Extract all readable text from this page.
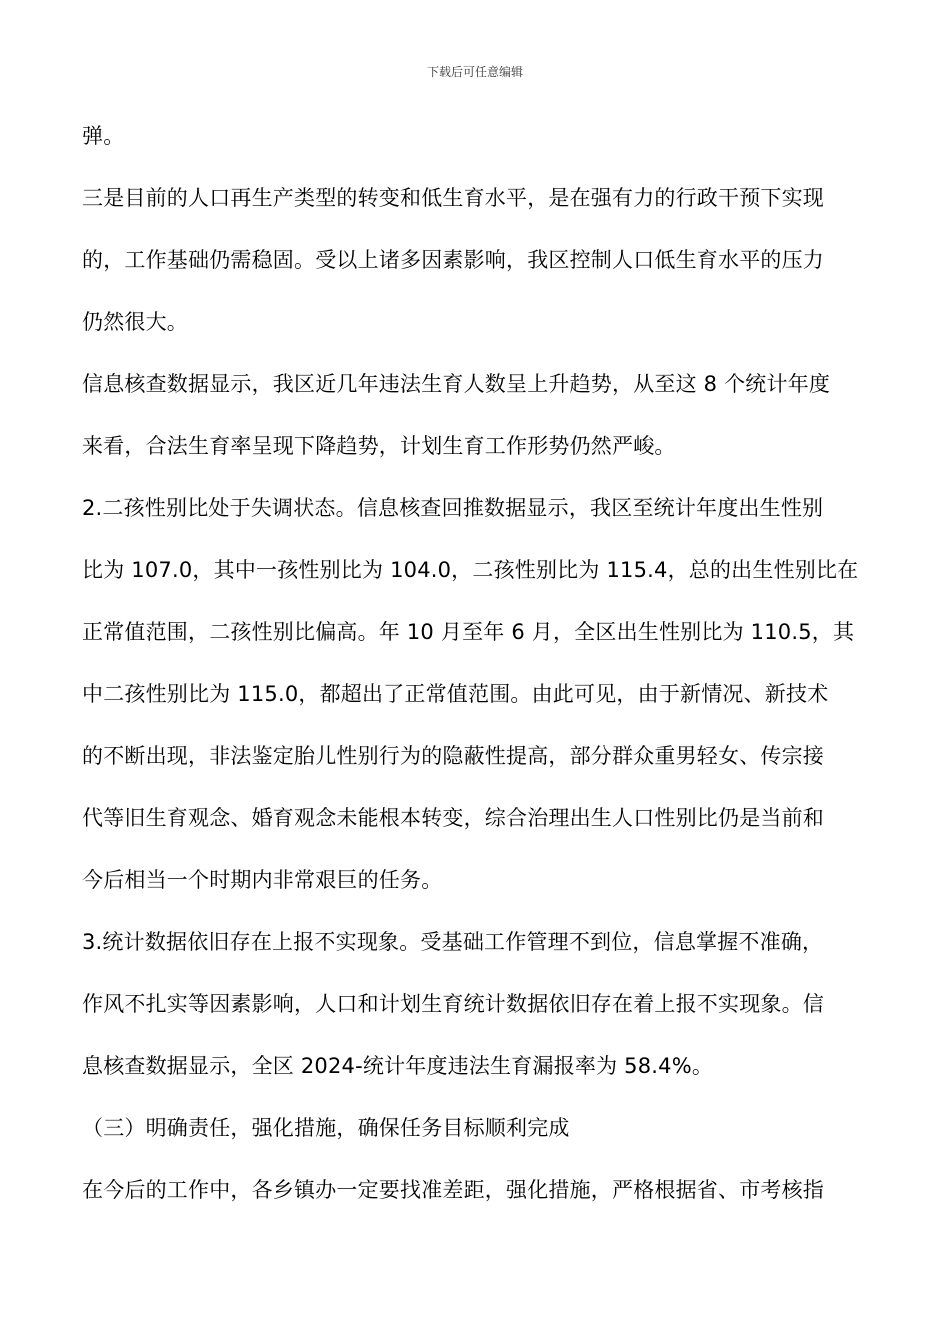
下载后可任意编辑
弹。
三是目前的人口再生产类型的转变和低生育水平，是在强有力的行政干预下实现
的，工作基础仍需稳固。受以上诸多因素影响，我区控制人口低生育水平的压力
仍然很大。
信息核查数据显示，我区近几年违法生育人数呈上升趋势，从至这 8 个统计年度
来看，合法生育率呈现下降趋势，计划生育工作形势仍然严峻。
2.二孩性别比处于失调状态。信息核查回推数据显示，我区至统计年度出生性别
比为 107.0，其中一孩性别比为 104.0，二孩性别比为 115.4，总的出生性别比在
正常值范围，二孩性别比偏高。年 10 月至年 6 月，全区出生性别比为 110.5，其
中二孩性别比为 115.0，都超出了正常值范围。由此可见，由于新情况、新技术
的不断出现，非法鉴定胎儿性别行为的隐蔽性提高，部分群众重男轻女、传宗接
代等旧生育观念、婚育观念未能根本转变，综合治理出生人口性别比仍是当前和
今后相当一个时期内非常艰巨的任务。
3.统计数据依旧存在上报不实现象。受基础工作管理不到位，信息掌握不准确，
作风不扎实等因素影响，人口和计划生育统计数据依旧存在着上报不实现象。信
息核查数据显示，全区 2024-统计年度违法生育漏报率为 58.4%。
（三）明确责任，强化措施，确保任务目标顺利完成
在今后的工作中，各乡镇办一定要找准差距，强化措施，严格根据省、市考核指
